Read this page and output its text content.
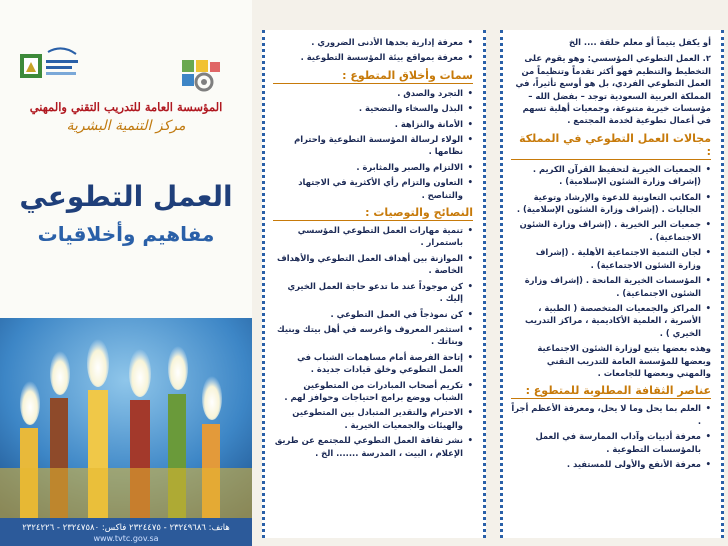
المؤسسة العامة للتدريب التقني والمهني
مركز التنمية البشرية
العمل التطوعي
مفاهيم وأخلاقيات
هاتف: ٢٣٢٤٩٦٨٦ - ٢٣٢٤٤٧٥ فاكس: ٢٣٢٤٧٥٨٠ - ٢٣٢٤٢٢٦
www.tvtc.gov.sa
• معرفة إدارية بحدها الأدنى الضروري .
• معرفة بمواقع بيئة المؤسسة التطوعية .
سمات وأخلاق المتطوع :
• التجرد والصدق .
• البذل والسخاء والتضحية .
• الأمانة والنزاهة .
• الولاء لرسالة المؤسسة التطوعية واحترام نظامها .
• الالتزام والصبر والمثابرة .
• التعاون والتزام رأي الأكثرية في الاجتهاد والتناصح .
النصائح والتوصيات :
• تنمية مهارات العمل التطوعي المؤسسي باستمرار .
• الموازنة بين أهداف العمل التطوعي والأهداف الخاصة .
• كن موجوداً عند ما تدعو حاجة العمل الخيري إليك .
• كن نموذجاً في العمل التطوعي .
• استثمر المعروف واغرسه في أهل بيتك وبنيك وبناتك .
• إتاحة الفرصة أمام مساهمات الشباب في العمل التطوعي وخلق قيادات جديدة .
• تكريم أصحاب المبادرات من المتطوعين الشباب ووضع برامج احتياجات وحوافز لهم .
• الاحترام والتقدير المتبادل بين المتطوعين والهيئات والجمعيات الخيرية .
• نشر ثقافة العمل التطوعي للمجتمع عن طريق الإعلام ، البيت ، المدرسة ....... الخ .
أو يكفل يتيماً أو معلم حلقة .... الخ
٢. العمل التطوعي المؤسسي: وهو يقوم على التخطيط والتنظيم فهو أكثر تقدماً وتنظيماً من العمل التطوعي الفردي، بل هو أوسع تأثيراً، في المملكة العربية السعودية توجد – بفضل الله – مؤسسات خيرية متنوعة، وجمعيات أهلية تسهم في أعمال تطوعية لخدمة المجتمع .
مجالات العمل التطوعي في المملكة :
• الجمعيات الخيرية لتحفيظ القرآن الكريم . (إشراف وزارة الشئون الإسلامية) .
• المكاتب التعاونية للدعوة والإرشاد وتوعية الجاليات . (إشراف وزارة الشئون الإسلامية) .
• جمعيات البر الخيرية . (إشراف وزارة الشئون الاجتماعية) .
• لجان التنمية الاجتماعية الأهلية . (إشراف وزارة الشئون الاجتماعية) .
• المؤسسات الخيرية المانحة . (إشراف وزارة الشئون الاجتماعية) .
• المراكز والجمعيات المتخصصة ( الطبية ، الأسرية ، العلمية الأكاديمية ، مراكز التدريب الخيري ) .
وهذه بعضها يتبع لوزارة الشئون الاجتماعية وبعضها للمؤسسة العامة للتدريب التقني والمهني وبعضها للجامعات .
عناصر الثقافة المطلوبة للمتطوع :
• العلم بما يحل وما لا يحل، ومعرفة الأعظم أجراً .
• معرفة أدبيات وآداب الممارسة في العمل بالمؤسسات التطوعية .
• معرفة الأنفع والأولى للمستفيد .
